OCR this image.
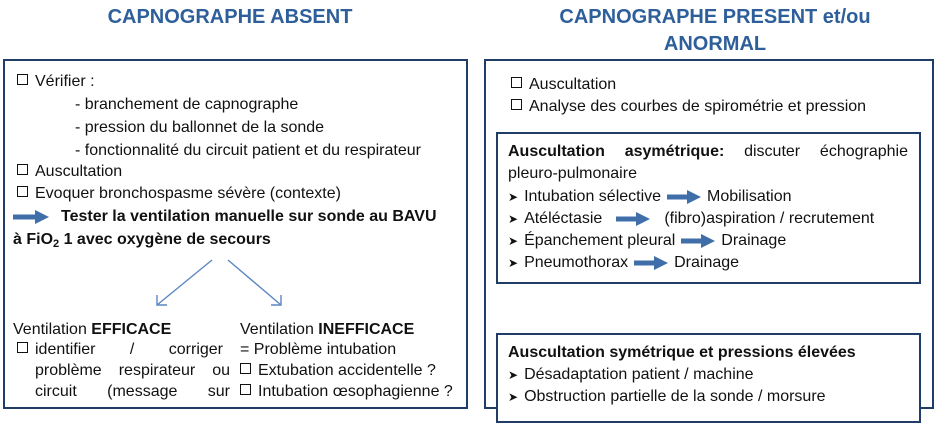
CAPNOGRAPHE ABSENT
Vérifier :
- branchement de capnographe
- pression du ballonnet de la sonde
- fonctionnalité du circuit patient et du respirateur
Auscultation
Evoquer bronchospasme sévère (contexte)
Tester la ventilation manuelle sur sonde au BAVU
à FiO$_2$ 1 avec oxygène de secours
Ventilation EFFICACE
identifier / corriger
problème respirateur ou
circuit (message sur
Ventilation INEFFICACE
= Problème intubation
Extubation accidentelle ?
Intubation œsophagienne ?
CAPNOGRAPHE PRESENT et/ou
ANORMAL
Auscultation
Analyse des courbes de spirométrie et pression
Auscultation asymétrique: discuter échographie
pleuro-pulmonaire
➤ Intubation sélective	Mobilisation
➤ Atéléctasie	(fibro)aspiration / recrutement
➤ Épanchement pleural	Drainage
➤ Pneumothorax	Drainage
Auscultation symétrique et pressions élevées
➤ Désadaptation patient / machine
➤ Obstruction partielle de la sonde / morsure
